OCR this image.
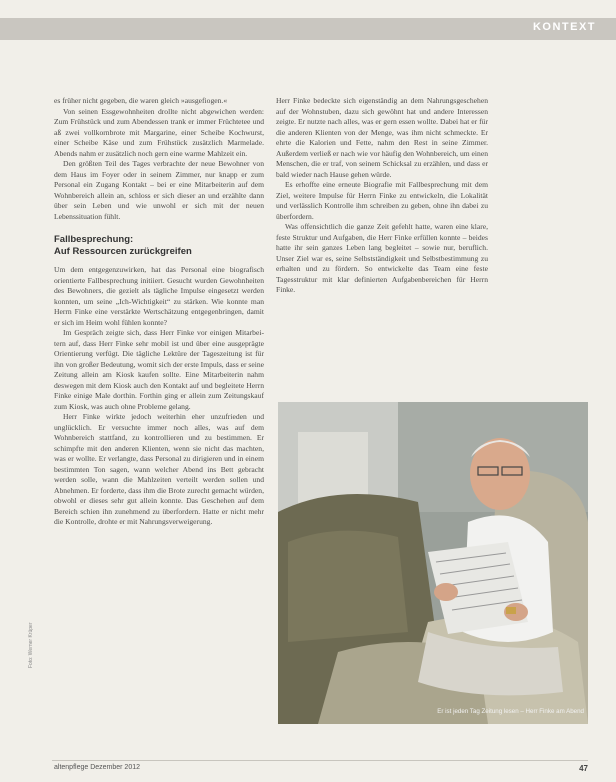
KONTEXT

es früher nicht gegeben, die waren gleich »ausgefiogen.«

Von seinen Essgewohnheiten drollte nicht abgewichen werden: Zum Frühstück und zum Abendessen trank er immer Früchtetee und aß zwei vollkornbrote mit Margarine, einer Scheibe Kochwurst, einer Scheibe Käse und zum Frühstück zusätzlich Marmelade. Abends nahm er zusätzlich noch gern eine warme Mahlzeit ein.

Den größten Teil des Tages verbrachte der neue Bewohner von dem Haus im Foyer oder in seinem Zimmer, nur knapp er zum Personal ein Zugang Kontakt – bei er eine Mitarbeiterin auf dem Wohnbereich allein an, schloss er sich dieser an und erzählte dann über sein Leben und wie unwohl er sich mit der neuen Lebenssituation fühlt.

Fallbesprechung:
Auf Ressourcen zurückgreifen

Um dem entgegenzuwirken, hat das Personal eine biografisch orientierte Fallbesprechung initiiert. Gesucht wurden Gewohnheiten des Bewohners, die gezielt als tägliche Impulse eingesetzt werden konnten, um seine „Ich-Wichtigkeit“ zu stärken. Wie konnte man Herrn Finke eine verstärkte Wertschätzung entgegenbringen, damit er sich im Heim wohl fühlen konnte?

Im Gespräch zeigte sich, dass Herr Finke vor einigen Mitarbeitern auf, dass Herr Finke sehr mobil ist und über eine ausgeprägte Orientierung verfügt. Die tägliche Lektüre der Tageszeitung ist für ihn von großer Bedeutung, womit sich der erste Impuls, dass er seine Zeitung allein am Kiosk kaufen sollte. Eine Mitarbeiterin nahm deswegen mit dem Kiosk auch den Kontakt auf und begleitete Herrn Finke einige Male dorthin. Forthin ging er allein zum Zeitungskauf zum Kiosk, was auch ohne Probleme gelang.

Herr Finke wirkte jedoch weiterhin eher unzufrieden und unglücklich. Er versuchte immer noch alles, was auf dem Wohnbereich stattfand, zu kontrollieren und zu bestimmen. Er schimpfte mit den anderen Klienten, wenn sie nicht das machten, was er wollte. Er verlangte, dass Personal zu dirigieren und in einem bestimmten Ton sagen, wann welcher Abend ins Bett gebracht werden solle, wann die Mahlzeiten verteilt werden sollen und Abnehmen. Er forderte, dass ihm die Brote zurecht gemacht würden, obwohl er dieses sehr gut allein konnte. Das Geschehen auf dem Bereich schien ihn zunehmend zu überfordern. Hatte er nicht mehr die Kontrolle, drohte er mit Nahrungsverweigerung.

Herr Finke bedeckte sich eigenständig an dem Nahrungsgeschehen auf der Wohnstuben, dazu sich gewöhnt hat und andere Interessen zeigte. Er nutzte nach alles, was er gern essen wollte. Dabei hat er für die anderen Klienten von der Menge, was ihm nicht schmeckte. Er ehrte die Kalorien und Fette, nahm den Rest in seine Zimmer. Außerdem verließ er nach wie vor häufig den Wohnbereich, um einen Menschen, die er traf, von seinem Schicksal zu erzählen, und dass er bald wieder nach Hause gehen würde.

Es erhoffte eine erneute Biografie mit Fallbesprechung mit dem Ziel, weitere Impulse für Herrn Finke zu entwickeln, die Lokalität und verlässlich Kontrolle ihm schreiben zu geben, ohne ihn dabei zu überfordern.

Was offensichtlich die ganze Zeit gefehlt hatte, waren eine klare, feste Struktur und Aufgaben, die Herr Finke erfüllen konnte – beides hatte ihr sein ganzes Leben lang begleitet – sowie nur, beruflich. Unser Ziel war es, seine Selbstständigkeit und Selbstbestimmung zu erhalten und zu fördern. So entwickelte das Team eine feste Tagesstruktur mit klar definierten Aufgabenbereichen für Herrn Finke.

Er ist jeden Tag Zeitung lesen – Herr Finke am Abend
Foto: Werner Krüper
altenpflege Dezember 2012	47
